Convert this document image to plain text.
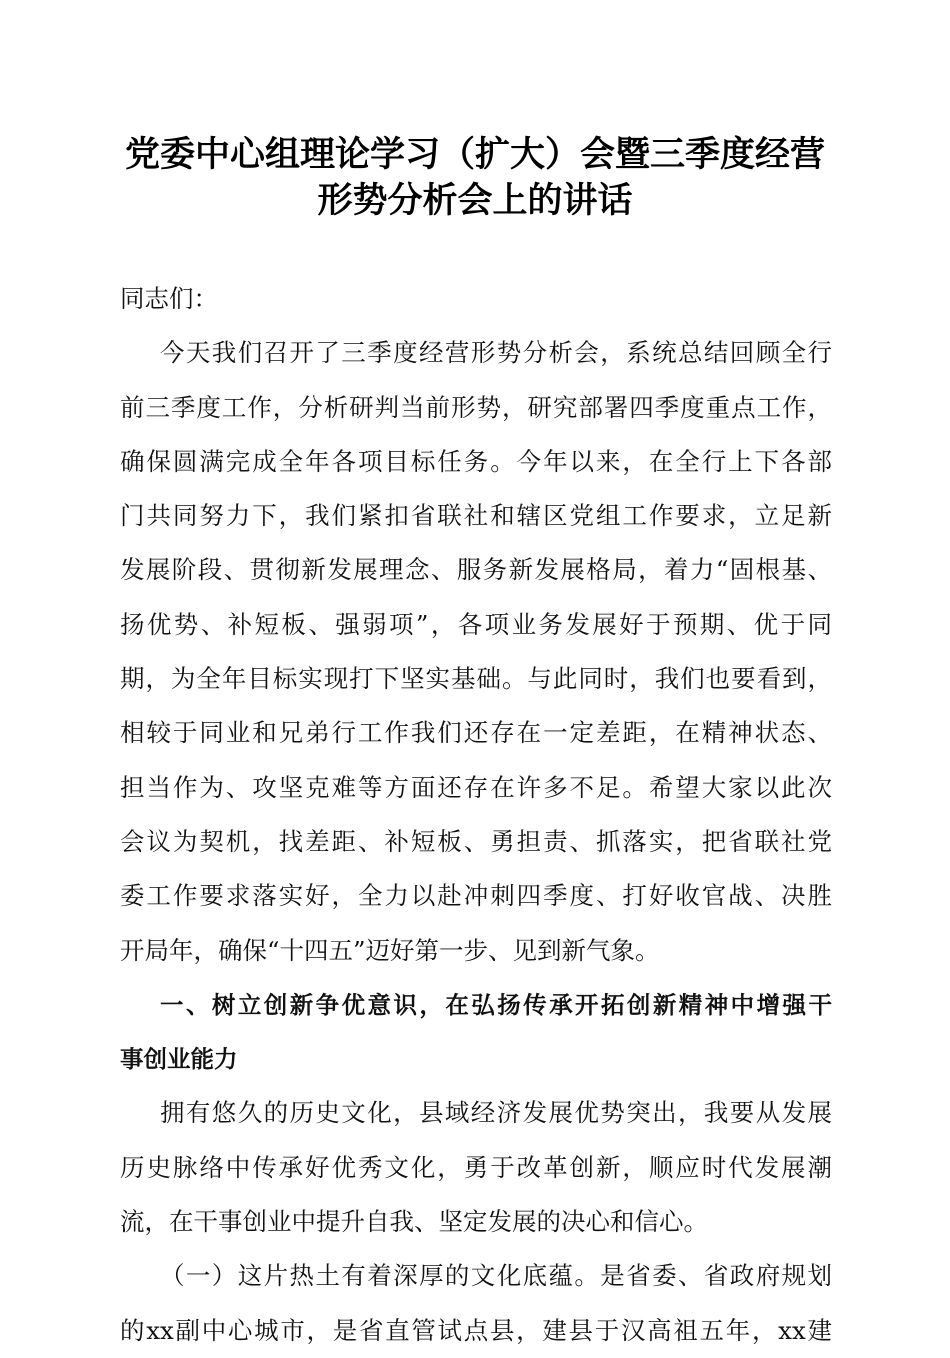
党委中心组理论学习（扩大）会暨三季度经营
形势分析会上的讲话
同志们：
今天我们召开了三季度经营形势分析会，系统总结回顾全行
前三季度工作，分析研判当前形势，研究部署四季度重点工作，
确保圆满完成全年各项目标任务。今年以来，在全行上下各部
门共同努力下，我们紧扣省联社和辖区党组工作要求，立足新
发展阶段、贯彻新发展理念、服务新发展格局，着力“固根基、
扬优势、补短板、强弱项”，各项业务发展好于预期、优于同
期，为全年目标实现打下坚实基础。与此同时，我们也要看到，
相较于同业和兄弟行工作我们还存在一定差距，在精神状态、
担当作为、攻坚克难等方面还存在许多不足。希望大家以此次
会议为契机，找差距、补短板、勇担责、抓落实，把省联社党
委工作要求落实好，全力以赴冲刺四季度、打好收官战、决胜
开局年，确保“十四五”迈好第一步、见到新气象。
一、树立创新争优意识，在弘扬传承开拓创新精神中增强干
事创业能力
拥有悠久的历史文化，县域经济发展优势突出，我要从发展
历史脉络中传承好优秀文化，勇于改革创新，顺应时代发展潮
流，在干事创业中提升自我、坚定发展的决心和信心。
（一）这片热土有着深厚的文化底蕴。是省委、省政府规划
的xx副中心城市，是省直管试点县，建县于汉高祖五年，xx建
